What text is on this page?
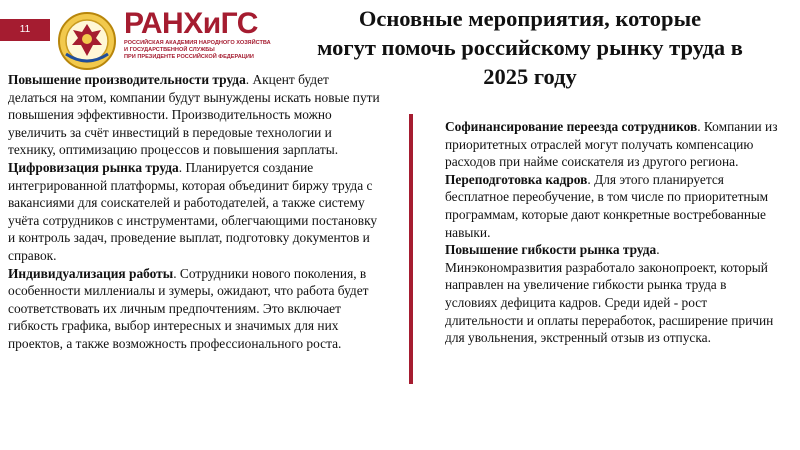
11	РАНХиГС
РОССИЙСКАЯ АКАДЕМИЯ НАРОДНОГО ХОЗЯЙСТВА
И ГОСУДАРСТВЕННОЙ СЛУЖБЫ
ПРИ ПРЕЗИДЕНТЕ РОССИЙСКОЙ ФЕДЕРАЦИИ
Основные мероприятия, которые
могут помочь российскому рынку труда в
2025 году

Повышение производительности труда. Акцент будет делаться на этом, компании будут вынуждены искать новые пути повышения эффективности. Производительность можно увеличить за счёт инвестиций в передовые технологии и технику, оптимизацию процессов и повышения зарплаты.

Цифровизация рынка труда. Планируется создание интегрированной платформы, которая объединит биржу труда с вакансиями для соискателей и работодателей, а также систему учёта сотрудников с инструментами, облегчающими постановку и контроль задач, проведение выплат, подготовку документов и справок.

Индивидуализация работы. Сотрудники нового поколения, в особенности миллениалы и зумеры, ожидают, что работа будет соответствовать их личным предпочтениям. Это включает гибкость графика, выбор интересных и значимых для них проектов, а также возможность профессионального роста.

Софинансирование переезда сотрудников. Компании из приоритетных отраслей могут получать компенсацию расходов при найме соискателя из другого региона.

Переподготовка кадров. Для этого планируется бесплатное переобучение, в том числе по приоритетным программам, которые дают конкретные востребованные навыки.

Повышение гибкости рынка труда. Минэкономразвития разработало законопроект, который направлен на увеличение гибкости рынка труда в условиях дефицита кадров. Среди идей - рост длительности и оплаты переработок, расширение причин для увольнения, экстренный отзыв из отпуска.
